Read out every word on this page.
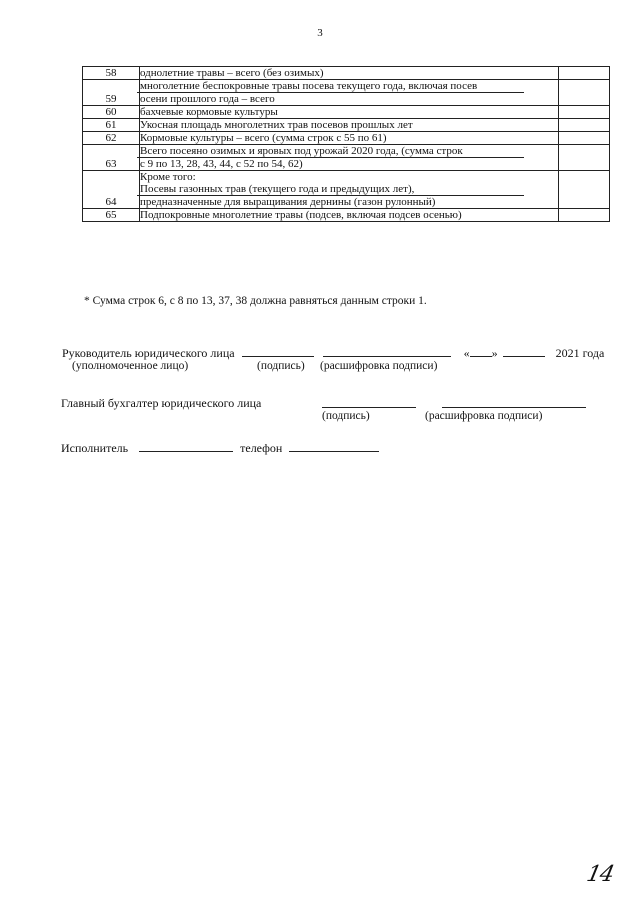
3
58	однолетние травы – всего (без озимых)	

59	многолетние беспокровные травы посева текущего года, включая посев
осени прошлого года – всего	

60	бахчевые кормовые культуры	

61	Укосная площадь многолетних трав посевов прошлых лет	

62	Кормовые культуры – всего (сумма строк с 55 по 61)	

63	Всего посеяно озимых и яровых под урожай 2020 года, (сумма строк
с 9 по 13, 28, 43, 44, с 52 по 54, 62)	

64	Кроме того:
Посевы газонных трав (текущего года и предыдущих лет),
предназначенные для выращивания дернины (газон рулонный)	

65	Подпокровные многолетние травы (подсев, включая подсев осенью)	

* Сумма строк 6, с 8 по 13, 37, 38 должна равняться данным строки 1.
Руководитель юридического лица	« »	2021 года
(уполномоченное лицо)	(подпись) (расшифровка подписи)
Главный бухгалтер юридического лица
(подпись)	(расшифровка подписи)
Исполнитель	телефон
14
